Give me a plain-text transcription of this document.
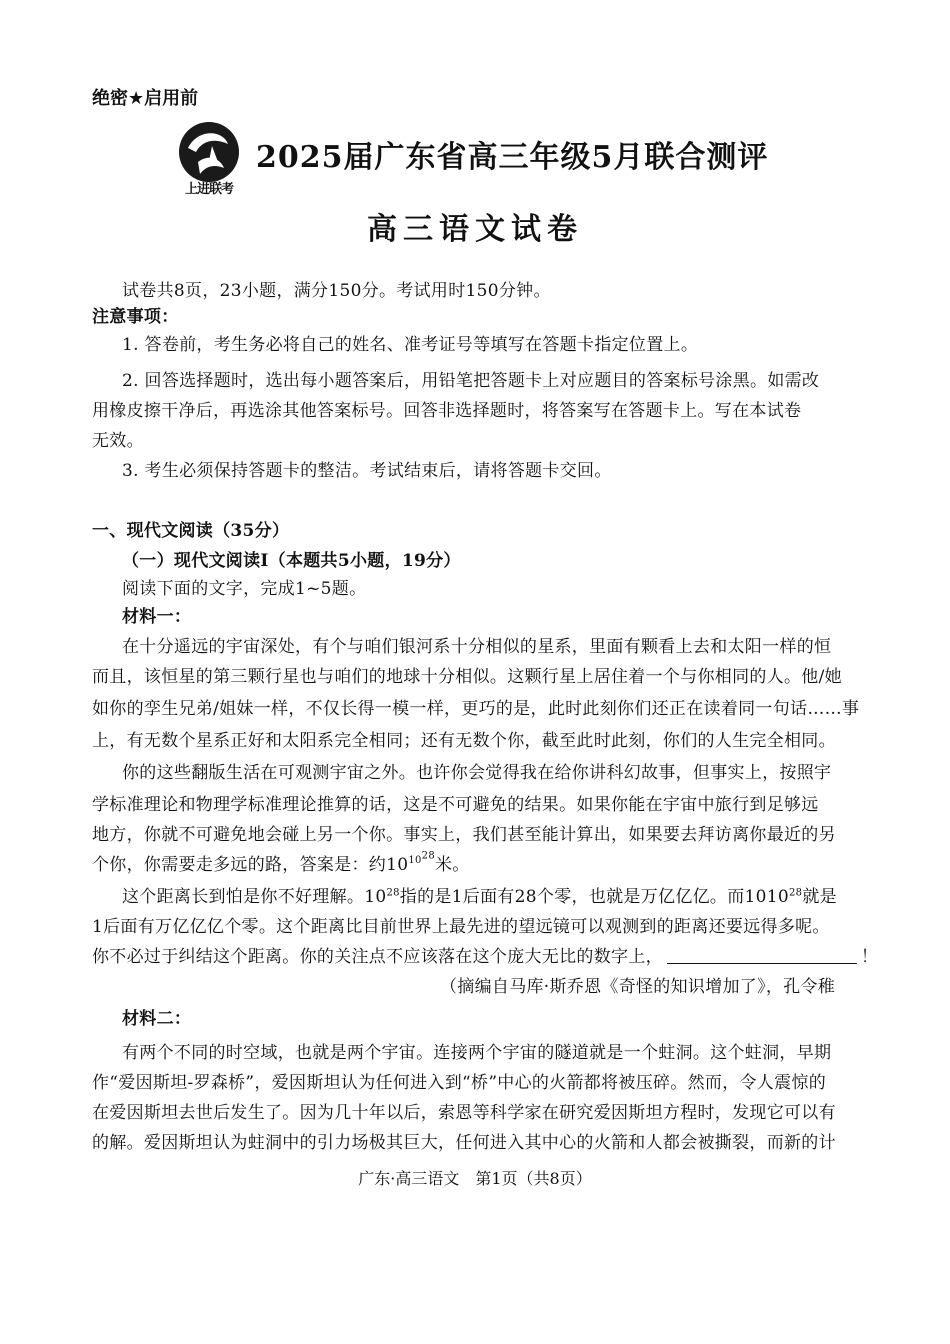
绝密★启用前
上进联考
2025届广东省高三年级5月联合测评
高三语文试卷
试卷共8页，23小题，满分150分。考试用时150分钟。
注意事项：
1. 答卷前，考生务必将自己的姓名、准考证号等填写在答题卡指定位置上。
2. 回答选择题时，选出每小题答案后，用铅笔把答题卡上对应题目的答案标号涂黑。如需改
用橡皮擦干净后，再选涂其他答案标号。回答非选择题时，将答案写在答题卡上。写在本试卷
无效。
3. 考生必须保持答题卡的整洁。考试结束后，请将答题卡交回。
一、现代文阅读（35分）
（一）现代文阅读Ⅰ（本题共5小题，19分）
阅读下面的文字，完成1~5题。
材料一：
在十分遥远的宇宙深处，有个与咱们银河系十分相似的星系，里面有颗看上去和太阳一样的恒
而且，该恒星的第三颗行星也与咱们的地球十分相似。这颗行星上居住着一个与你相同的人。他/她
如你的孪生兄弟/姐妹一样，不仅长得一模一样，更巧的是，此时此刻你们还正在读着同一句话……事
上，有无数个星系正好和太阳系完全相同；还有无数个你，截至此时此刻，你们的人生完全相同。
你的这些翻版生活在可观测宇宙之外。也许你会觉得我在给你讲科幻故事，但事实上，按照宇
学标准理论和物理学标准理论推算的话，这是不可避免的结果。如果你能在宇宙中旅行到足够远
地方，你就不可避免地会碰上另一个你。事实上，我们甚至能计算出，如果要去拜访离你最近的另
个你，你需要走多远的路，答案是：约$10^{10^{28}}$米。
这个距离长到怕是你不好理解。$10^{28}$指的是1后面有28个零，也就是万亿亿亿。而1010$^{28}$就是
1后面有万亿亿亿个零。这个距离比目前世界上最先进的望远镜可以观测到的距离还要远得多呢。
你不必过于纠结这个距离。你的关注点不应该落在这个庞大无比的数字上，	！
（摘编自马库·斯乔恩《奇怪的知识增加了》，孔令稚
材料二：
有两个不同的时空域，也就是两个宇宙。连接两个宇宙的隧道就是一个蛀洞。这个蛀洞，早期
作“爱因斯坦-罗森桥”，爱因斯坦认为任何进入到“桥”中心的火箭都将被压碎。然而，令人震惊的
在爱因斯坦去世后发生了。因为几十年以后，索恩等科学家在研究爱因斯坦方程时，发现它可以有
的解。爱因斯坦认为蛀洞中的引力场极其巨大，任何进入其中心的火箭和人都会被撕裂，而新的计
广东·高三语文　第1页（共8页）
